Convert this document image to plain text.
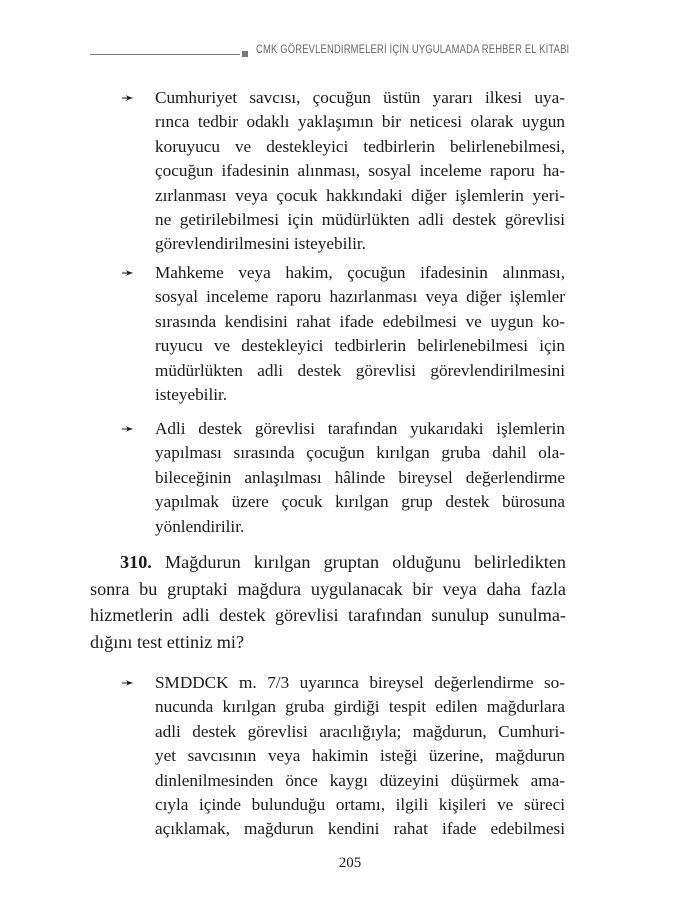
CMK GÖREVLENDİRMELERİ İÇİN UYGULAMADA REHBER EL KİTABI
➛ Cumhuriyet savcısı, çocuğun üstün yararı ilkesi uya-
rınca tedbir odaklı yaklaşımın bir neticesi olarak uygun
koruyucu ve destekleyici tedbirlerin belirlenebilmesi,
çocuğun ifadesinin alınması, sosyal inceleme raporu ha-
zırlanması veya çocuk hakkındaki diğer işlemlerin yeri-
ne getirilebilmesi için müdürlükten adli destek görevlisi
görevlendirilmesini isteyebilir.
➛ Mahkeme veya hakim, çocuğun ifadesinin alınması,
sosyal inceleme raporu hazırlanması veya diğer işlemler
sırasında kendisini rahat ifade edebilmesi ve uygun ko-
ruyucu ve destekleyici tedbirlerin belirlenebilmesi için
müdürlükten adli destek görevlisi görevlendirilmesini
isteyebilir.
➛ Adli destek görevlisi tarafından yukarıdaki işlemlerin
yapılması sırasında çocuğun kırılgan gruba dahil ola-
bileceğinin anlaşılması hâlinde bireysel değerlendirme
yapılmak üzere çocuk kırılgan grup destek bürosuna
yönlendirilir.
310. Mağdurun kırılgan gruptan olduğunu belirledikten
sonra bu gruptaki mağdura uygulanacak bir veya daha fazla
hizmetlerin adli destek görevlisi tarafından sunulup sunulma-
dığını test ettiniz mi?
➛ SMDDCK m. 7/3 uyarınca bireysel değerlendirme so-
nucunda kırılgan gruba girdiği tespit edilen mağdurlara
adli destek görevlisi aracılığıyla; mağdurun, Cumhuri-
yet savcısının veya hakimin isteği üzerine, mağdurun
dinlenilmesinden önce kaygı düzeyini düşürmek ama-
cıyla içinde bulunduğu ortamı, ilgili kişileri ve süreci
açıklamak, mağdurun kendini rahat ifade edebilmesi
205
